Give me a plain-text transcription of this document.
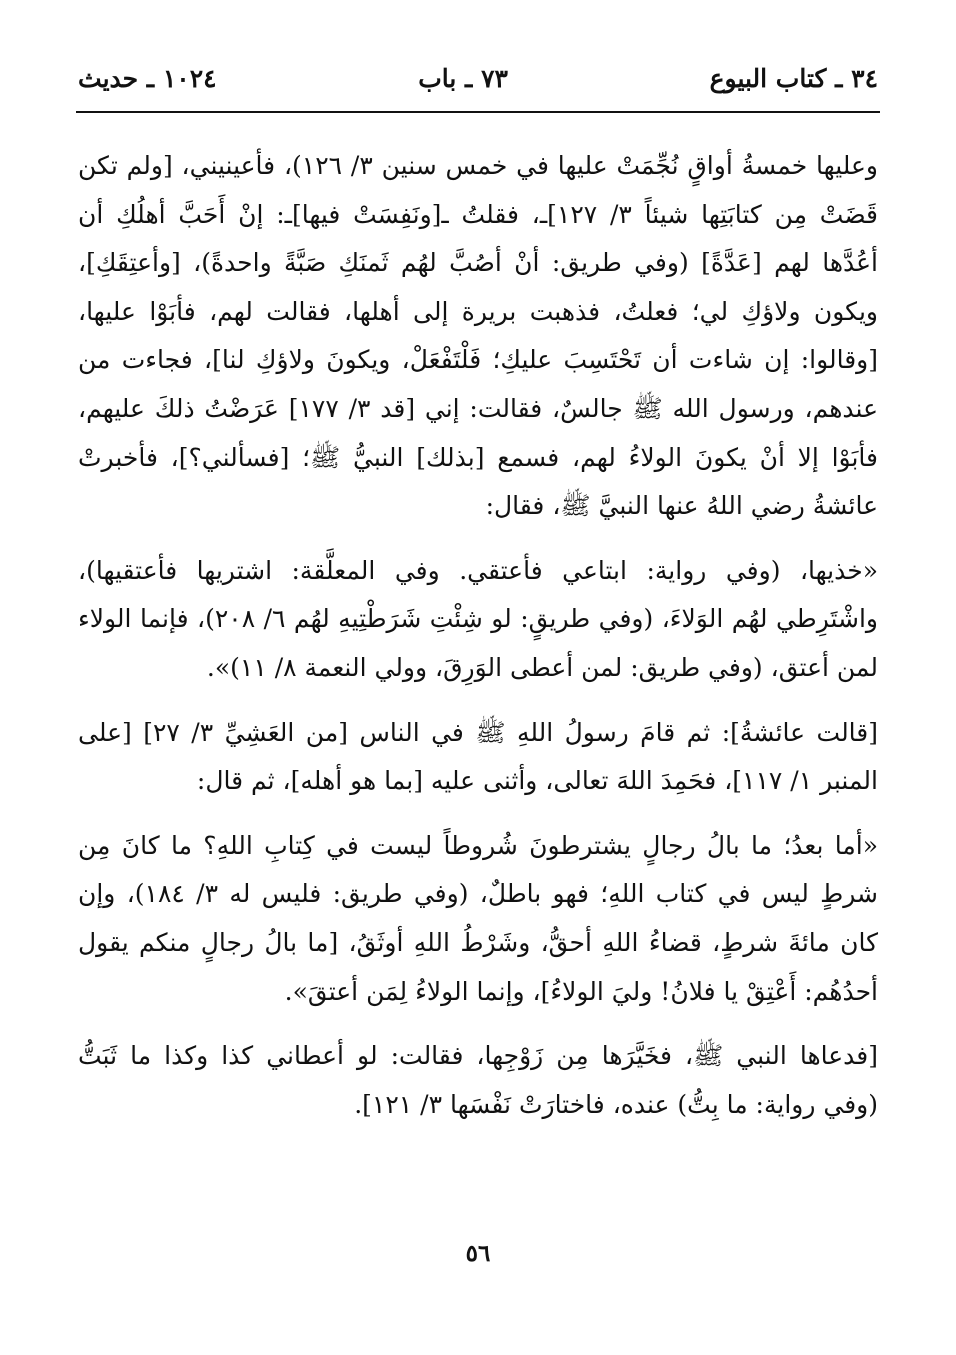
٣٤ ـ كتاب البيوع
٧٣ ـ باب
١٠٢٤ ـ حديث

وعليها خمسةُ أواقٍ نُجِّمَتْ عليها في خمس سنين ٣/ ١٢٦)، فأعينيني، [ولم تكن قَضَتْ مِن كتابَتِها شيئاً ٣/ ١٢٧]ـ، فقلتُ ـ[ونَفِسَتْ فيها]ـ: إنْ أَحَبَّ أهلُكِ أن أعُدَّها لهم [عَدَّةً] (وفي طريق: أنْ أصُبَّ لهُم ثَمنَكِ صَبَّةً واحدةً)، [وأعتِقَكِ]، ويكون ولاؤكِ لي؛ فعلتُ، فذهبت بريرة إلى أهلها، فقالت لهم، فأبَوْا عليها، [وقالوا: إن شاءت أن تَحْتَسِبَ عليكِ؛ فَلْتَفْعَلْ، ويكونَ ولاؤكِ لنا]، فجاءت من عندهم، ورسول الله ﷺ جالسٌ، فقالت: إني [قد ٣/ ١٧٧] عَرَضْتُ ذلكَ عليهم، فأبَوْا إلا أنْ يكونَ الولاءُ لهم، فسمع [بذلك] النبيُّ ﷺ؛ [فسألني؟]، فأخبرتْ عائشةُ رضي اللهُ عنها النبيَّ ﷺ، فقال:

«خذيها، (وفي رواية: ابتاعي فأعتقي. وفي المعلَّقة: اشتريها فأعتقيها)، واشْتَرِطي لهُم الوَلاءَ، (وفي طريقٍ: لو شِئْتِ شَرَطْتِيهِ لهُم ٦/ ٢٠٨)، فإنما الولاء لمن أعتق، (وفي طريق: لمن أعطى الوَرِقَ، وولي النعمة ٨/ ١١)».

[قالت عائشةُ]: ثم قامَ رسولُ اللهِ ﷺ في الناس [من العَشِيِّ ٣/ ٢٧] [على المنبر ١/ ١١٧]، فحَمِدَ اللهَ تعالى، وأثنى عليه [بما هو أهله]، ثم قال:

«أما بعدُ؛ ما بالُ رجالٍ يشترطونَ شُروطاً ليست في كِتابِ اللهِ؟ ما كانَ مِن شرطٍ ليس في كتاب اللهِ؛ فهو باطلٌ، (وفي طريق: فليس له ٣/ ١٨٤)، وإن كان مائةَ شرطٍ، قضاءُ اللهِ أحقُّ، وشَرْطُ اللهِ أوثَقُ، [ما بالُ رجالٍ منكم يقول أحدُهُم: أَعْتِقْ يا فلانُ! وليَ الولاءُ]، وإنما الولاءُ لِمَن أعتقَ».

[فدعاها النبي ﷺ، فخَيَّرَها مِن زَوْجِها، فقالت: لو أعطاني كذا وكذا ما ثَبَتُّ (وفي رواية: ما بِتُّ) عنده، فاختارَتْ نَفْسَها ٣/ ١٢١].

٥٦
